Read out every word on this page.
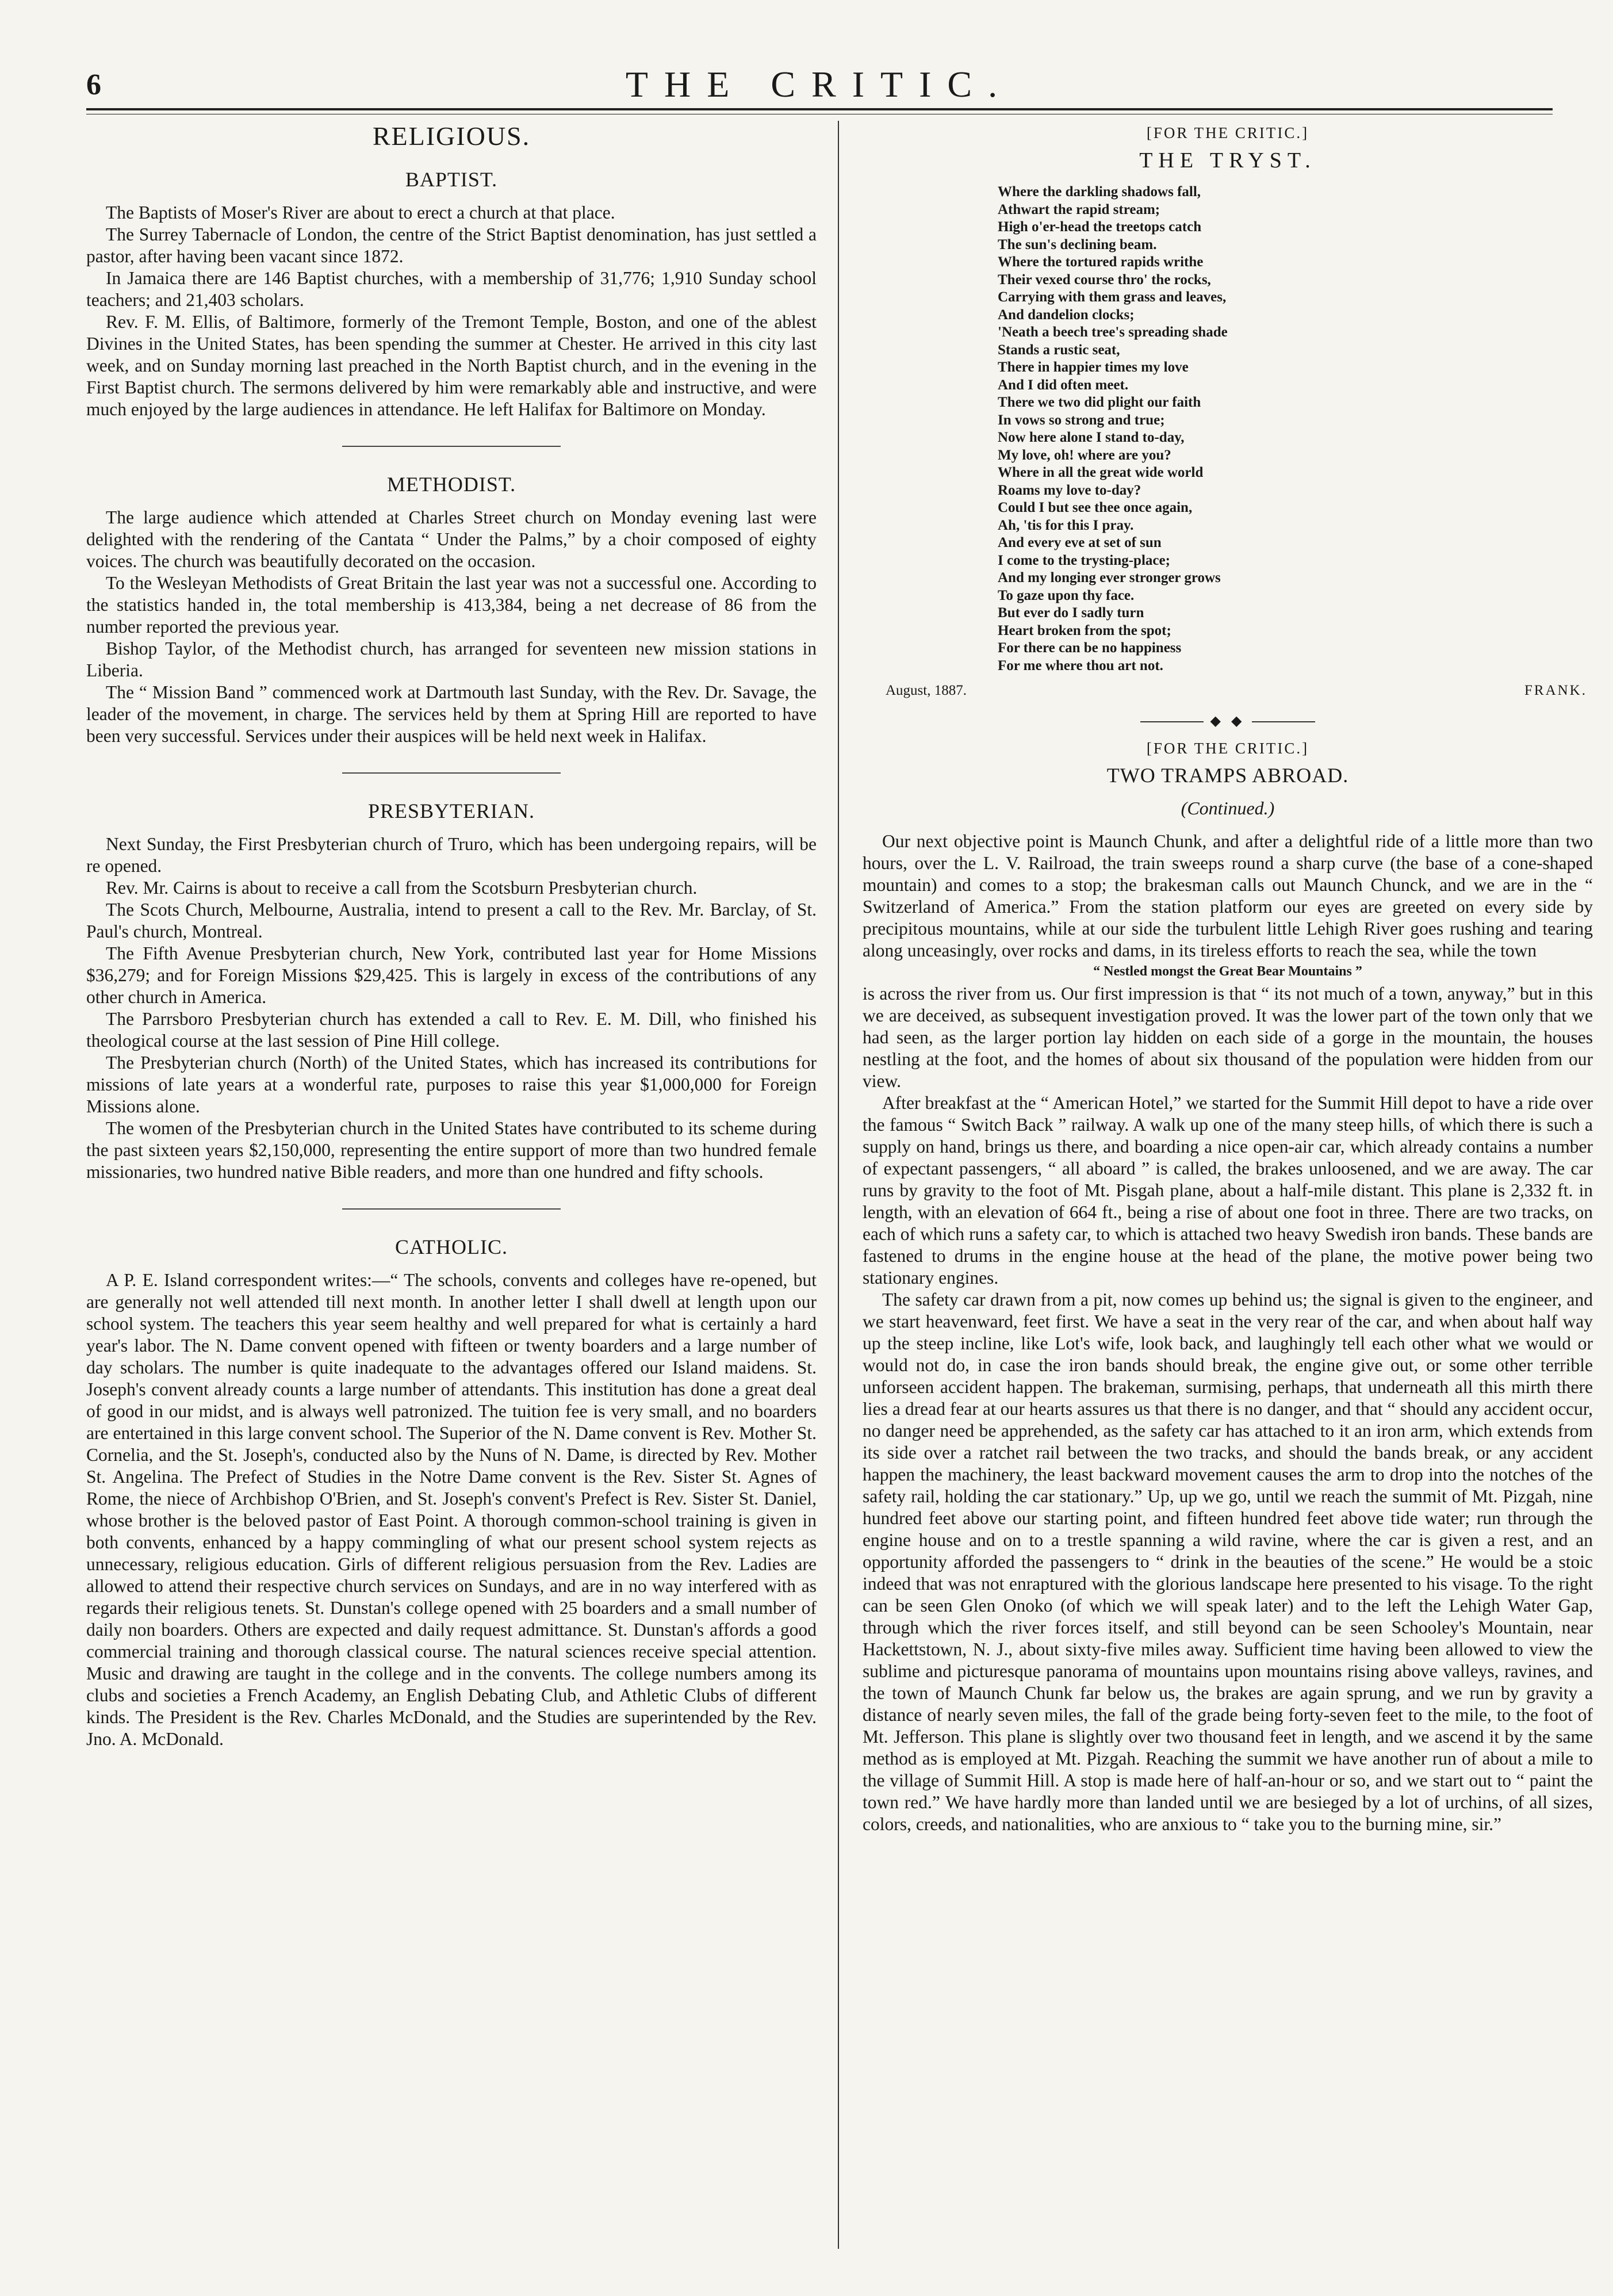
6	THE CRITIC.
RELIGIOUS.
BAPTIST.

The Baptists of Moser's River are about to erect a church at that place.

The Surrey Tabernacle of London, the centre of the Strict Baptist denomination, has just settled a pastor, after having been vacant since 1872.

In Jamaica there are 146 Baptist churches, with a membership of 31,776; 1,910 Sunday school teachers; and 21,403 scholars.

Rev. F. M. Ellis, of Baltimore, formerly of the Tremont Temple, Boston, and one of the ablest Divines in the United States, has been spending the summer at Chester. He arrived in this city last week, and on Sunday morning last preached in the North Baptist church, and in the evening in the First Baptist church. The sermons delivered by him were remarkably able and instructive, and were much enjoyed by the large audiences in attendance. He left Halifax for Baltimore on Monday.

METHODIST.

The large audience which attended at Charles Street church on Monday evening last were delighted with the rendering of the Cantata “ Under the Palms,” by a choir composed of eighty voices. The church was beautifully decorated on the occasion.

To the Wesleyan Methodists of Great Britain the last year was not a successful one. According to the statistics handed in, the total membership is 413,384, being a net decrease of 86 from the number reported the previous year.

Bishop Taylor, of the Methodist church, has arranged for seventeen new mission stations in Liberia.

The “ Mission Band ” commenced work at Dartmouth last Sunday, with the Rev. Dr. Savage, the leader of the movement, in charge. The services held by them at Spring Hill are reported to have been very successful. Services under their auspices will be held next week in Halifax.

PRESBYTERIAN.

Next Sunday, the First Presbyterian church of Truro, which has been undergoing repairs, will be re opened.

Rev. Mr. Cairns is about to receive a call from the Scotsburn Presbyterian church.

The Scots Church, Melbourne, Australia, intend to present a call to the Rev. Mr. Barclay, of St. Paul's church, Montreal.

The Fifth Avenue Presbyterian church, New York, contributed last year for Home Missions $36,279; and for Foreign Missions $29,425. This is largely in excess of the contributions of any other church in America.

The Parrsboro Presbyterian church has extended a call to Rev. E. M. Dill, who finished his theological course at the last session of Pine Hill college.

The Presbyterian church (North) of the United States, which has increased its contributions for missions of late years at a wonderful rate, purposes to raise this year $1,000,000 for Foreign Missions alone.

The women of the Presbyterian church in the United States have contributed to its scheme during the past sixteen years $2,150,000, representing the entire support of more than two hundred female missionaries, two hundred native Bible readers, and more than one hundred and fifty schools.

CATHOLIC.

A P. E. Island correspondent writes:—“ The schools, convents and colleges have re-opened, but are generally not well attended till next month. In another letter I shall dwell at length upon our school system. The teachers this year seem healthy and well prepared for what is certainly a hard year's labor. The N. Dame convent opened with fifteen or twenty boarders and a large number of day scholars. The number is quite inadequate to the advantages offered our Island maidens. St. Joseph's convent already counts a large number of attendants. This institution has done a great deal of good in our midst, and is always well patronized. The tuition fee is very small, and no boarders are entertained in this large convent school. The Superior of the N. Dame convent is Rev. Mother St. Cornelia, and the St. Joseph's, conducted also by the Nuns of N. Dame, is directed by Rev. Mother St. Angelina. The Prefect of Studies in the Notre Dame convent is the Rev. Sister St. Agnes of Rome, the niece of Archbishop O'Brien, and St. Joseph's convent's Prefect is Rev. Sister St. Daniel, whose brother is the beloved pastor of East Point. A thorough common-school training is given in both convents, enhanced by a happy commingling of what our present school system rejects as unnecessary, religious education. Girls of different religious persuasion from the Rev. Ladies are allowed to attend their respective church services on Sundays, and are in no way interfered with as regards their religious tenets. St. Dunstan's college opened with 25 boarders and a small number of daily non boarders. Others are expected and daily request admittance. St. Dunstan's affords a good commercial training and thorough classical course. The natural sciences receive special attention. Music and drawing are taught in the college and in the convents. The college numbers among its clubs and societies a French Academy, an English Debating Club, and Athletic Clubs of different kinds. The President is the Rev. Charles McDonald, and the Studies are superintended by the Rev. Jno. A. McDonald.

[FOR THE CRITIC.]
THE TRYST.
Where the darkling shadows fall,
Athwart the rapid stream;
High o'er-head the treetops catch
The sun's declining beam.
Where the tortured rapids writhe
Their vexed course thro' the rocks,
Carrying with them grass and leaves,
And dandelion clocks;
'Neath a beech tree's spreading shade
Stands a rustic seat,
There in happier times my love
And I did often meet.
There we two did plight our faith
In vows so strong and true;
Now here alone I stand to-day,
My love, oh! where are you?
Where in all the great wide world
Roams my love to-day?
Could I but see thee once again,
Ah, 'tis for this I pray.
And every eve at set of sun
I come to the trysting-place;
And my longing ever stronger grows
To gaze upon thy face.
But ever do I sadly turn
Heart broken from the spot;
For there can be no happiness
For me where thou art not.
August, 1887.	FRANK.
◆ ◆
[FOR THE CRITIC.]
TWO TRAMPS ABROAD.
(Continued.)

Our next objective point is Maunch Chunk, and after a delightful ride of a little more than two hours, over the L. V. Railroad, the train sweeps round a sharp curve (the base of a cone-shaped mountain) and comes to a stop; the brakesman calls out Maunch Chunck, and we are in the “ Switzerland of America.” From the station platform our eyes are greeted on every side by precipitous mountains, while at our side the turbulent little Lehigh River goes rushing and tearing along unceasingly, over rocks and dams, in its tireless efforts to reach the sea, while the town

“ Nestled mongst the Great Bear Mountains ”

is across the river from us. Our first impression is that “ its not much of a town, anyway,” but in this we are deceived, as subsequent investigation proved. It was the lower part of the town only that we had seen, as the larger portion lay hidden on each side of a gorge in the mountain, the houses nestling at the foot, and the homes of about six thousand of the population were hidden from our view.

After breakfast at the “ American Hotel,” we started for the Summit Hill depot to have a ride over the famous “ Switch Back ” railway. A walk up one of the many steep hills, of which there is such a supply on hand, brings us there, and boarding a nice open-air car, which already contains a number of expectant passengers, “ all aboard ” is called, the brakes unloosened, and we are away. The car runs by gravity to the foot of Mt. Pisgah plane, about a half-mile distant. This plane is 2,332 ft. in length, with an elevation of 664 ft., being a rise of about one foot in three. There are two tracks, on each of which runs a safety car, to which is attached two heavy Swedish iron bands. These bands are fastened to drums in the engine house at the head of the plane, the motive power being two stationary engines.

The safety car drawn from a pit, now comes up behind us; the signal is given to the engineer, and we start heavenward, feet first. We have a seat in the very rear of the car, and when about half way up the steep incline, like Lot's wife, look back, and laughingly tell each other what we would or would not do, in case the iron bands should break, the engine give out, or some other terrible unforseen accident happen. The brakeman, surmising, perhaps, that underneath all this mirth there lies a dread fear at our hearts assures us that there is no danger, and that “ should any accident occur, no danger need be apprehended, as the safety car has attached to it an iron arm, which extends from its side over a ratchet rail between the two tracks, and should the bands break, or any accident happen the machinery, the least backward movement causes the arm to drop into the notches of the safety rail, holding the car stationary.” Up, up we go, until we reach the summit of Mt. Pizgah, nine hundred feet above our starting point, and fifteen hundred feet above tide water; run through the engine house and on to a trestle spanning a wild ravine, where the car is given a rest, and an opportunity afforded the passengers to “ drink in the beauties of the scene.” He would be a stoic indeed that was not enraptured with the glorious landscape here presented to his visage. To the right can be seen Glen Onoko (of which we will speak later) and to the left the Lehigh Water Gap, through which the river forces itself, and still beyond can be seen Schooley's Mountain, near Hackettstown, N. J., about sixty-five miles away. Sufficient time having been allowed to view the sublime and picturesque panorama of mountains upon mountains rising above valleys, ravines, and the town of Maunch Chunk far below us, the brakes are again sprung, and we run by gravity a distance of nearly seven miles, the fall of the grade being forty-seven feet to the mile, to the foot of Mt. Jefferson. This plane is slightly over two thousand feet in length, and we ascend it by the same method as is employed at Mt. Pizgah. Reaching the summit we have another run of about a mile to the village of Summit Hill. A stop is made here of half-an-hour or so, and we start out to “ paint the town red.” We have hardly more than landed until we are besieged by a lot of urchins, of all sizes, colors, creeds, and nationalities, who are anxious to “ take you to the burning mine, sir.”
